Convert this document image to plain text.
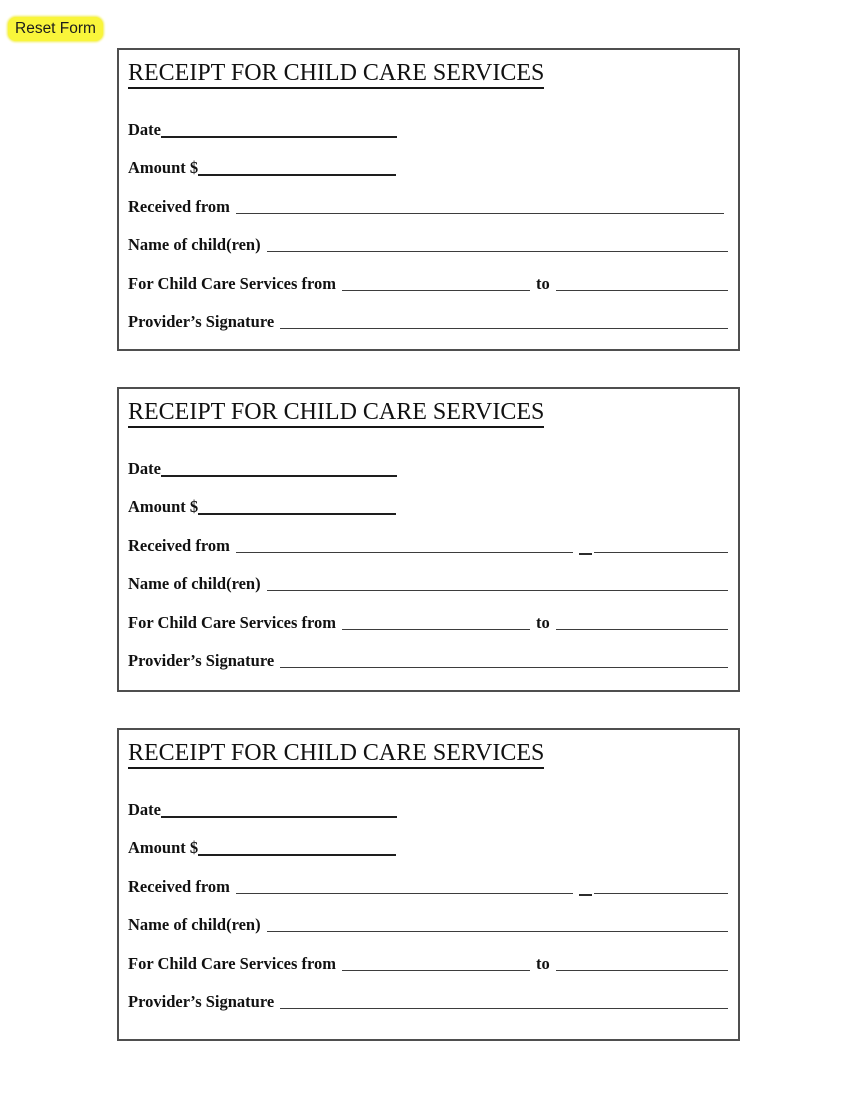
Reset Form
RECEIPT FOR CHILD CARE SERVICES
Date
Amount $
Received from
Name of child(ren)
For Child Care Services from	to
Provider’s Signature
RECEIPT FOR CHILD CARE SERVICES
Date
Amount $
Received from
Name of child(ren)
For Child Care Services from	to
Provider’s Signature
RECEIPT FOR CHILD CARE SERVICES
Date
Amount $
Received from
Name of child(ren)
For Child Care Services from	to
Provider’s Signature
